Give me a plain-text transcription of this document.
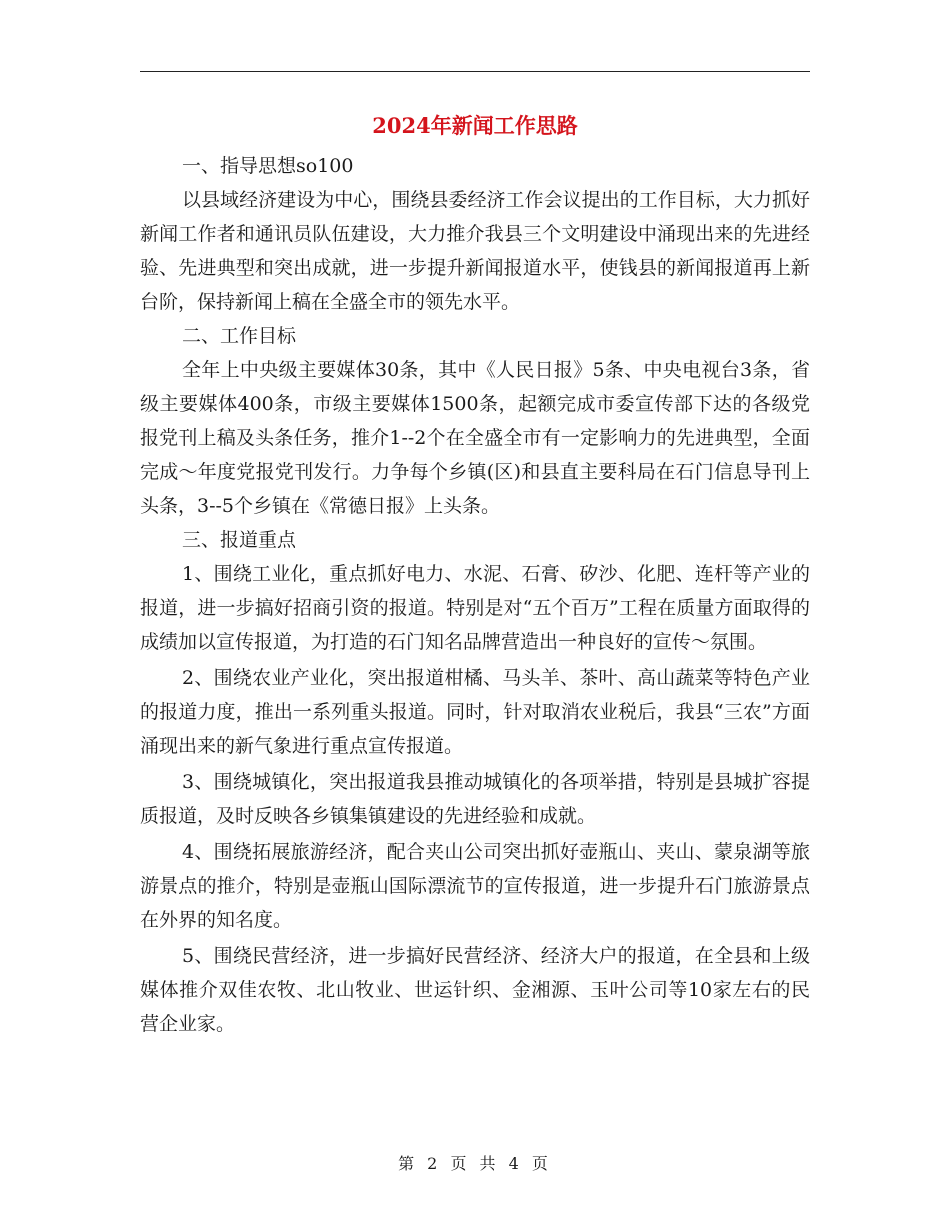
2024年新闻工作思路

一、指导思想so100

以县域经济建设为中心，围绕县委经济工作会议提出的工作目标，大力抓好新闻工作者和通讯员队伍建设，大力推介我县三个文明建设中涌现出来的先进经验、先进典型和突出成就，进一步提升新闻报道水平，使钱县的新闻报道再上新台阶，保持新闻上稿在全盛全市的领先水平。

二、工作目标

全年上中央级主要媒体30条，其中《人民日报》5条、中央电视台3条，省级主要媒体400条，市级主要媒体1500条，起额完成市委宣传部下达的各级党报党刊上稿及头条任务，推介1--2个在全盛全市有一定影响力的先进典型，全面完成～年度党报党刊发行。力争每个乡镇(区)和县直主要科局在石门信息导刊上头条，3--5个乡镇在《常德日报》上头条。

三、报道重点

1、围绕工业化，重点抓好电力、水泥、石膏、矽沙、化肥、连杆等产业的报道，进一步搞好招商引资的报道。特别是对“五个百万”工程在质量方面取得的成绩加以宣传报道，为打造的石门知名品牌营造出一种良好的宣传～氛围。

2、围绕农业产业化，突出报道柑橘、马头羊、茶叶、高山蔬菜等特色产业的报道力度，推出一系列重头报道。同时，针对取消农业税后，我县“三农”方面涌现出来的新气象进行重点宣传报道。

3、围绕城镇化，突出报道我县推动城镇化的各项举措，特别是县城扩容提质报道，及时反映各乡镇集镇建设的先进经验和成就。

4、围绕拓展旅游经济，配合夹山公司突出抓好壶瓶山、夹山、蒙泉湖等旅游景点的推介，特别是壶瓶山国际漂流节的宣传报道，进一步提升石门旅游景点在外界的知名度。

5、围绕民营经济，进一步搞好民营经济、经济大户的报道，在全县和上级媒体推介双佳农牧、北山牧业、世运针织、金湘源、玉叶公司等10家左右的民营企业家。

第 2 页 共 4 页
